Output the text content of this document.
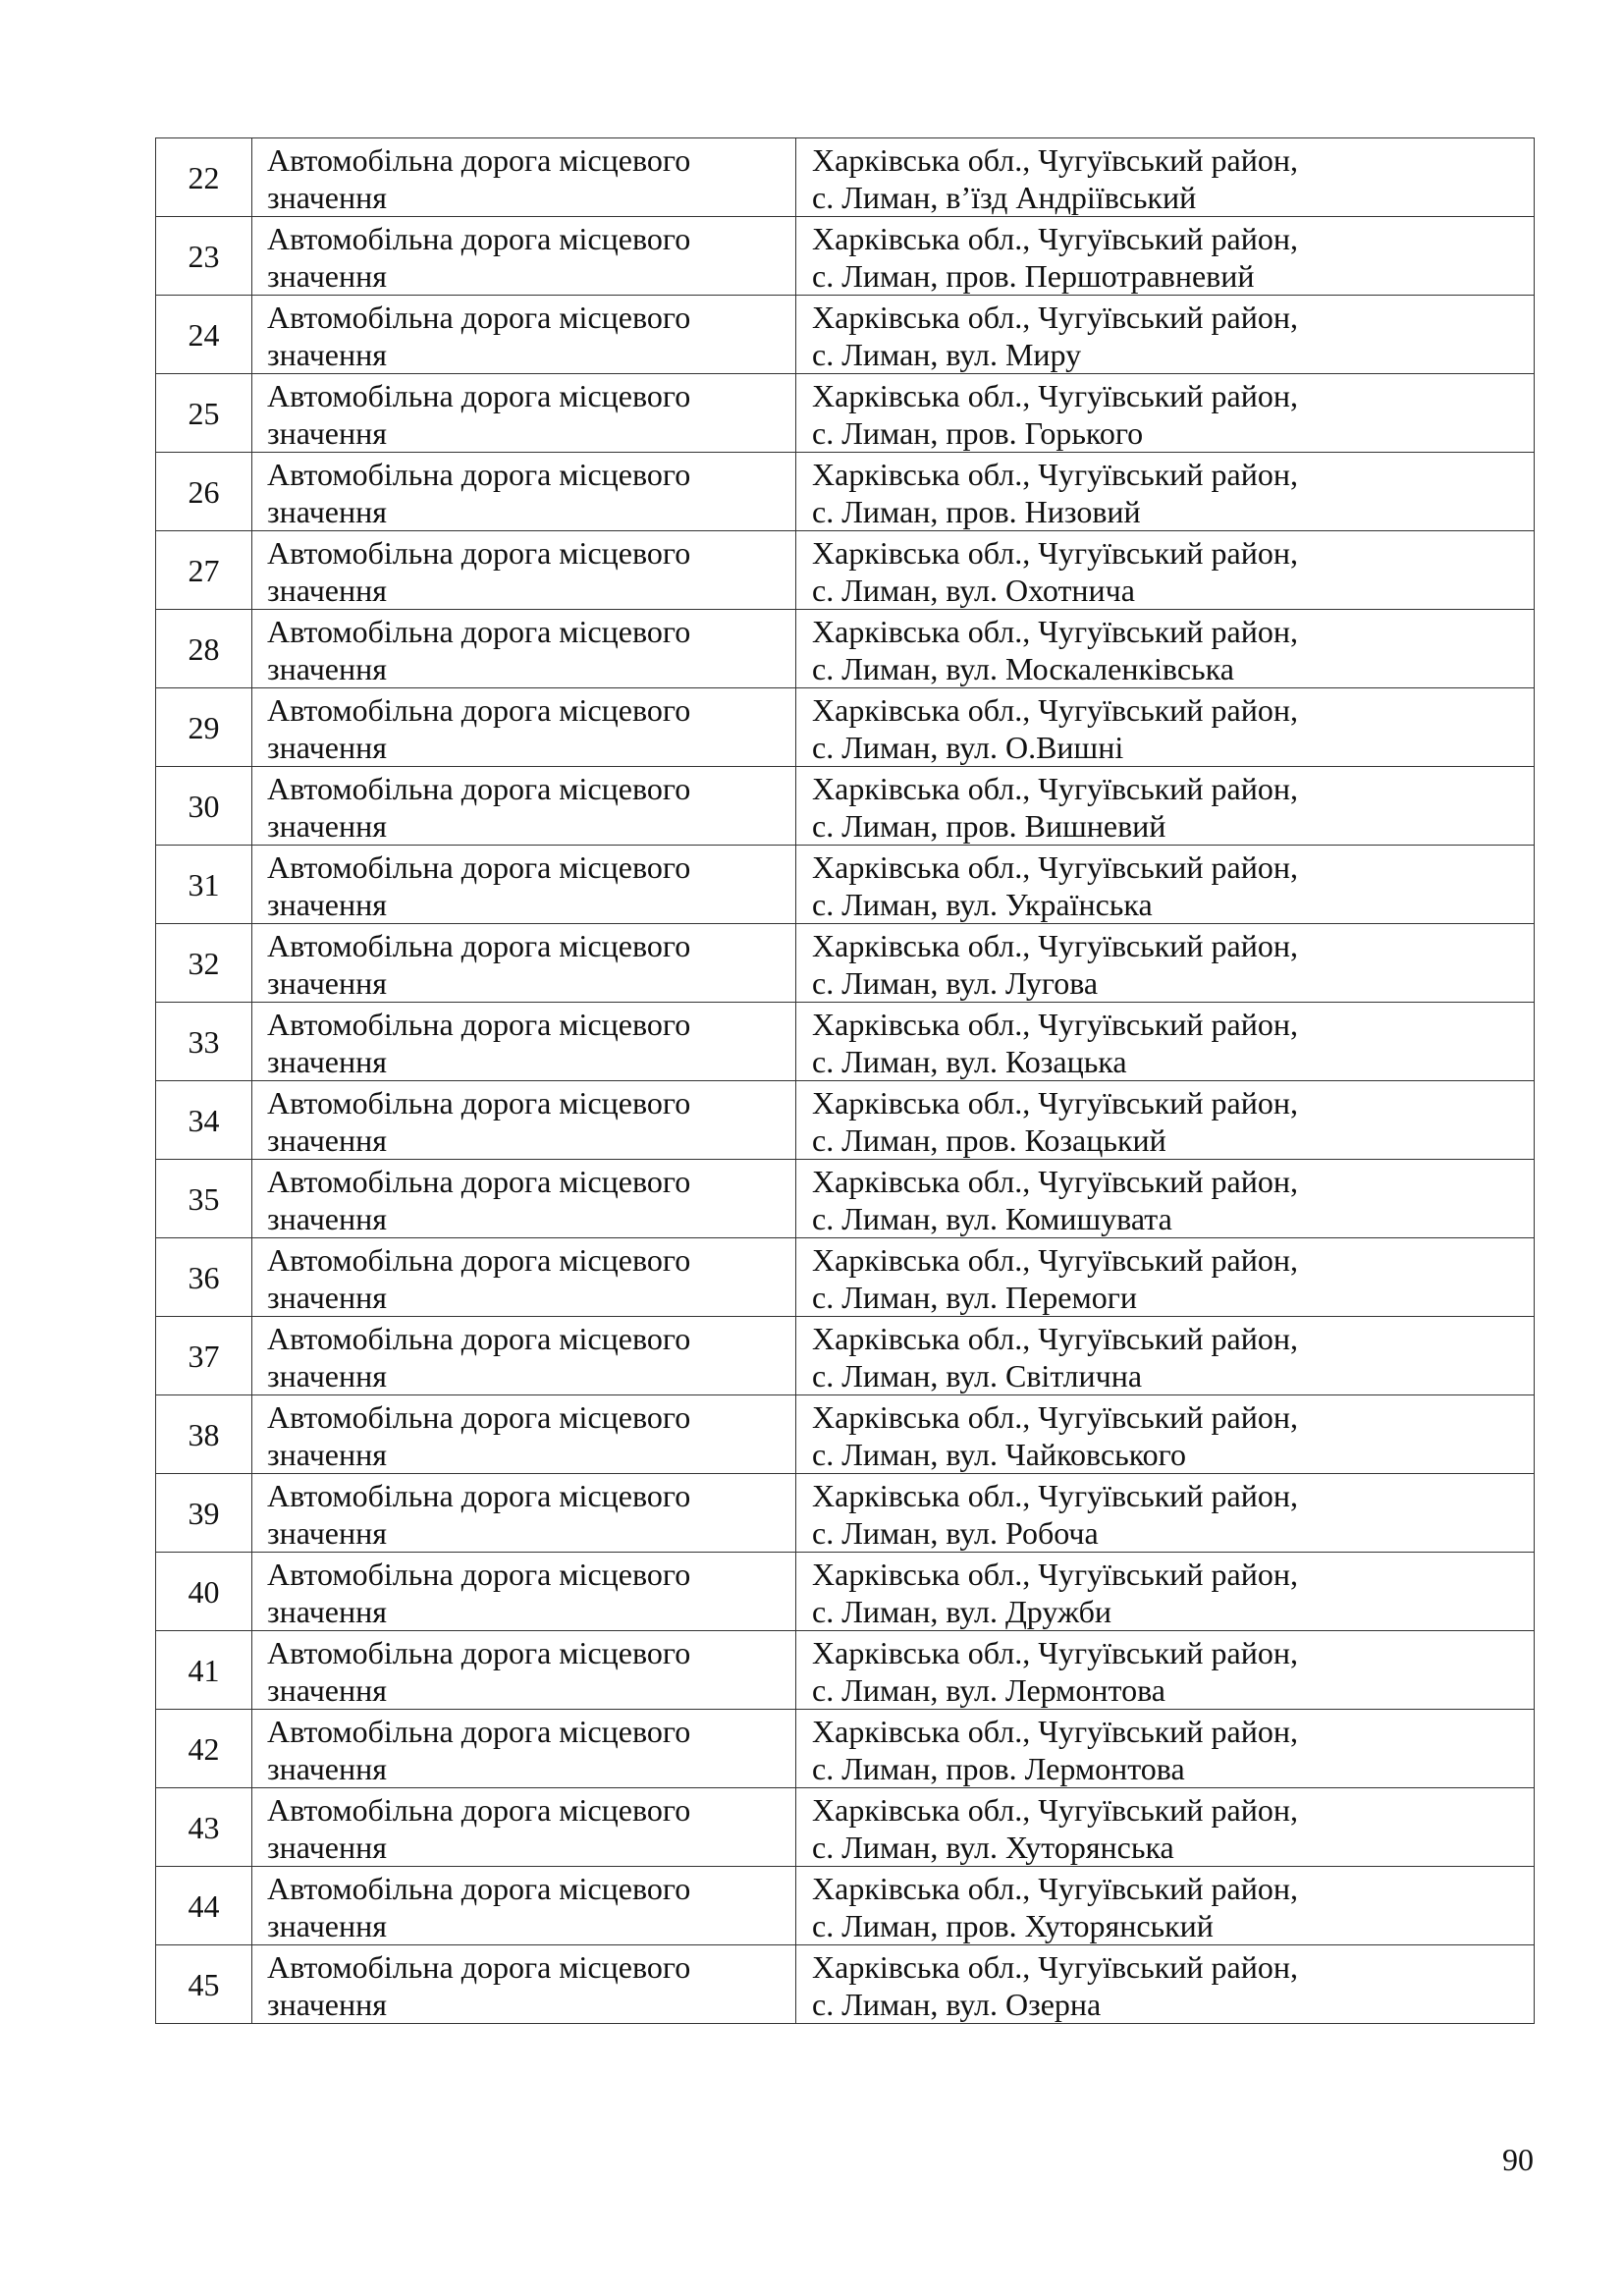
22	Автомобільна дорога місцевого
значення	Харківська обл., Чугуївський район,
с. Лиман, в’їзд Андріївський

23	Автомобільна дорога місцевого
значення	Харківська обл., Чугуївський район,
с. Лиман, пров. Першотравневий

24	Автомобільна дорога місцевого
значення	Харківська обл., Чугуївський район,
с. Лиман, вул. Миру

25	Автомобільна дорога місцевого
значення	Харківська обл., Чугуївський район,
с. Лиман, пров. Горького

26	Автомобільна дорога місцевого
значення	Харківська обл., Чугуївський район,
с. Лиман, пров. Низовий

27	Автомобільна дорога місцевого
значення	Харківська обл., Чугуївський район,
с. Лиман, вул. Охотнича

28	Автомобільна дорога місцевого
значення	Харківська обл., Чугуївський район,
с. Лиман, вул. Москаленківська

29	Автомобільна дорога місцевого
значення	Харківська обл., Чугуївський район,
с. Лиман, вул. О.Вишні

30	Автомобільна дорога місцевого
значення	Харківська обл., Чугуївський район,
с. Лиман, пров. Вишневий

31	Автомобільна дорога місцевого
значення	Харківська обл., Чугуївський район,
с. Лиман, вул. Українська

32	Автомобільна дорога місцевого
значення	Харківська обл., Чугуївський район,
с. Лиман, вул. Лугова

33	Автомобільна дорога місцевого
значення	Харківська обл., Чугуївський район,
с. Лиман, вул. Козацька

34	Автомобільна дорога місцевого
значення	Харківська обл., Чугуївський район,
с. Лиман, пров. Козацький

35	Автомобільна дорога місцевого
значення	Харківська обл., Чугуївський район,
с. Лиман, вул. Комишувата

36	Автомобільна дорога місцевого
значення	Харківська обл., Чугуївський район,
с. Лиман, вул. Перемоги

37	Автомобільна дорога місцевого
значення	Харківська обл., Чугуївський район,
с. Лиман, вул. Світлична

38	Автомобільна дорога місцевого
значення	Харківська обл., Чугуївський район,
с. Лиман, вул. Чайковського

39	Автомобільна дорога місцевого
значення	Харківська обл., Чугуївський район,
с. Лиман, вул. Робоча

40	Автомобільна дорога місцевого
значення	Харківська обл., Чугуївський район,
с. Лиман, вул. Дружби

41	Автомобільна дорога місцевого
значення	Харківська обл., Чугуївський район,
с. Лиман, вул. Лермонтова

42	Автомобільна дорога місцевого
значення	Харківська обл., Чугуївський район,
с. Лиман, пров. Лермонтова

43	Автомобільна дорога місцевого
значення	Харківська обл., Чугуївський район,
с. Лиман, вул. Хуторянська

44	Автомобільна дорога місцевого
значення	Харківська обл., Чугуївський район,
с. Лиман, пров. Хуторянський

45	Автомобільна дорога місцевого
значення	Харківська обл., Чугуївський район,
с. Лиман, вул. Озерна
90
